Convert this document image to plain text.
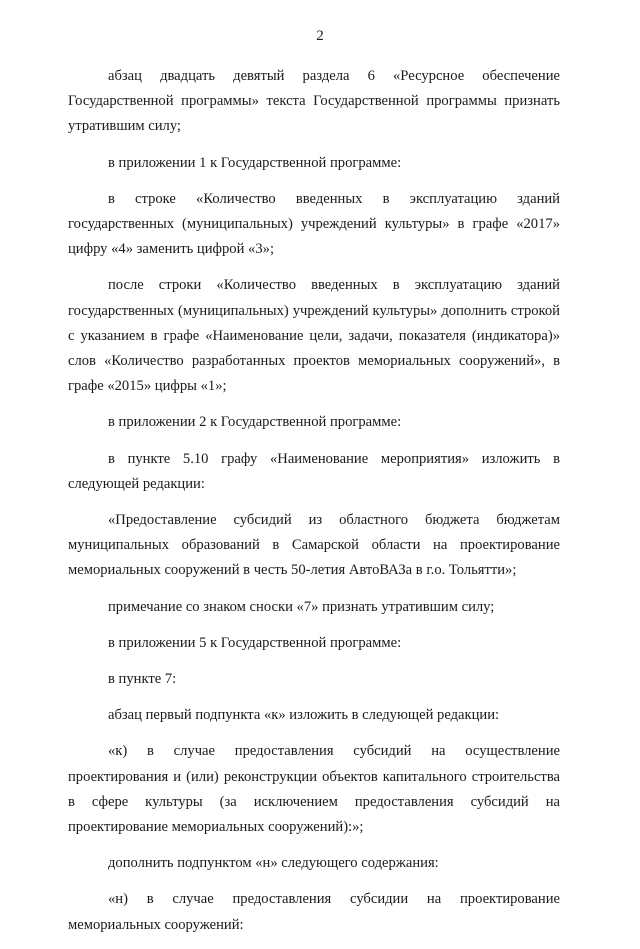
2

абзац двадцать девятый раздела 6 «Ресурсное обеспечение Государственной программы» текста Государственной программы признать утратившим силу;

в приложении 1 к Государственной программе:

в строке «Количество введенных в эксплуатацию зданий государственных (муниципальных) учреждений культуры» в графе «2017» цифру «4» заменить цифрой «3»;

после строки «Количество введенных в эксплуатацию зданий государственных (муниципальных) учреждений культуры» дополнить строкой с указанием в графе «Наименование цели, задачи, показателя (индикатора)» слов «Количество разработанных проектов мемориальных сооружений», в графе «2015» цифры «1»;

в приложении 2 к Государственной программе:

в пункте 5.10 графу «Наименование мероприятия» изложить в следующей редакции:

«Предоставление субсидий из областного бюджета бюджетам муниципальных образований в Самарской области на проектирование мемориальных сооружений в честь 50-летия АвтоВАЗа в г.о. Тольятти»;

примечание со знаком сноски «7» признать утратившим силу;

в приложении 5 к Государственной программе:

в пункте 7:

абзац первый подпункта «к» изложить в следующей редакции:

«к) в случае предоставления субсидий на осуществление проектирования и (или) реконструкции объектов капитального строительства в сфере культуры (за исключением предоставления субсидий на проектирование мемориальных сооружений):»;

дополнить подпунктом «н» следующего содержания:

«н) в случае предоставления субсидии на проектирование мемориальных сооружений:
